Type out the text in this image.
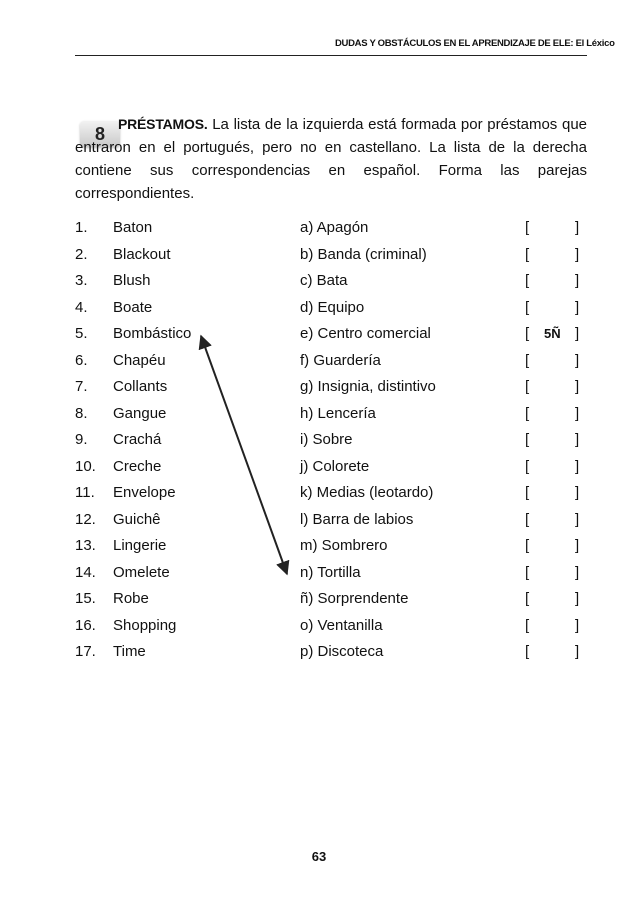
DUDAS Y OBSTÁCULOS EN EL APRENDIZAJE DE ELE: El Léxico
8 PRÉSTAMOS. La lista de la izquierda está formada por préstamos que entraron en el portugués, pero no en castellano. La lista de la derecha contiene sus correspondencias en español. Forma las parejas correspondientes.

1. Baton	a) Apagón	[	]
2. Blackout	b) Banda (criminal)	[	]
3. Blush	c) Bata	[	]
4. Boate	d) Equipo	[	]
5. Bombástico	e) Centro comercial	[ 5Ñ ]
6. Chapéu	f) Guardería	[	]
7. Collants	g) Insignia, distintivo	[	]
8. Gangue	h) Lencería	[	]
9. Crachá	i) Sobre	[	]
10. Creche	j) Colorete	[	]
11. Envelope	k) Medias (leotardo)	[	]
12. Guichê	l) Barra de labios	[	]
13. Lingerie	m) Sombrero	[	]
14. Omelete	n) Tortilla	[	]
15. Robe	ñ) Sorprendente	[	]
16. Shopping	o) Ventanilla	[	]
17. Time	p) Discoteca	[	]
63
